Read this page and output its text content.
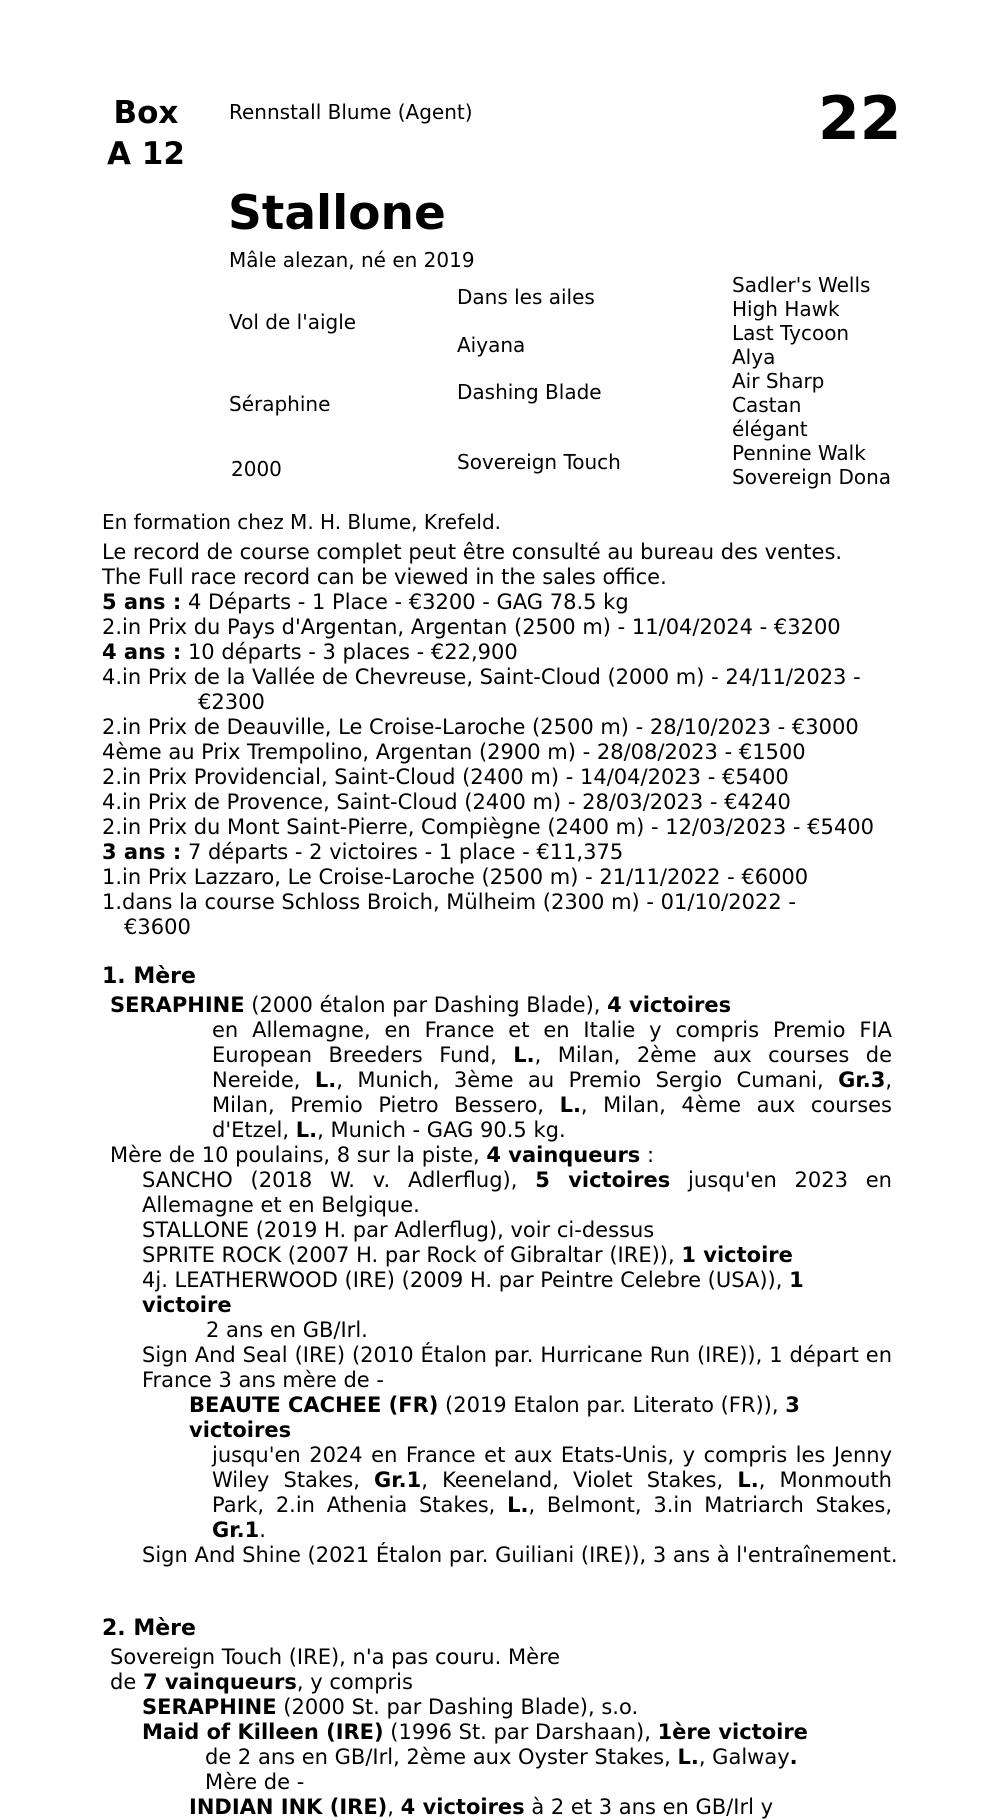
Box
A 12
Rennstall Blume (Agent)	22
Stallone
Mâle alezan, né en 2019
Vol de l'aigle
Séraphine
2000
Dans les ailes
Aiyana
Dashing Blade
Sovereign Touch
Sadler's Wells
High Hawk
Last Tycoon
Alya
Air Sharp
Castan
élégant
Pennine Walk
Sovereign Dona
En formation chez M. H. Blume, Krefeld.
Le record de course complet peut être consulté au bureau des ventes.
The Full race record can be viewed in the sales office.
5 ans : 4 Départs - 1 Place - €3200 - GAG 78.5 kg
2.in Prix du Pays d'Argentan, Argentan (2500 m) - 11/04/2024 - €3200
4 ans : 10 départs - 3 places - €22,900
4.in Prix de la Vallée de Chevreuse, Saint-Cloud (2000 m) - 24/11/2023 -
€2300
2.in Prix de Deauville, Le Croise-Laroche (2500 m) - 28/10/2023 - €3000
4ème au Prix Trempolino, Argentan (2900 m) - 28/08/2023 - €1500
2.in Prix Providencial, Saint-Cloud (2400 m) - 14/04/2023 - €5400
4.in Prix de Provence, Saint-Cloud (2400 m) - 28/03/2023 - €4240
2.in Prix du Mont Saint-Pierre, Compiègne (2400 m) - 12/03/2023 - €5400
3 ans : 7 départs - 2 victoires - 1 place - €11,375
1.in Prix Lazzaro, Le Croise-Laroche (2500 m) - 21/11/2022 - €6000
1.dans la course Schloss Broich, Mülheim (2300 m) - 01/10/2022 -
€3600
1. Mère
SERAPHINE (2000 étalon par Dashing Blade), 4 victoires
en Allemagne, en France et en Italie y compris Premio FIA European Breeders Fund, L., Milan, 2ème aux courses de Nereide, L., Munich, 3ème au Premio Sergio Cumani, Gr.3, Milan, Premio Pietro Bessero, L., Milan, 4ème aux courses d'Etzel, L., Munich - GAG 90.5 kg.
Mère de 10 poulains, 8 sur la piste, 4 vainqueurs :
SANCHO (2018 W. v. Adlerflug), 5 victoires jusqu'en 2023 en Allemagne et en Belgique.
STALLONE (2019 H. par Adlerflug), voir ci-dessus
SPRITE ROCK (2007 H. par Rock of Gibraltar (IRE)), 1 victoire
4j. LEATHERWOOD (IRE) (2009 H. par Peintre Celebre (USA)), 1
victoire
2 ans en GB/Irl.
Sign And Seal (IRE) (2010 Étalon par. Hurricane Run (IRE)), 1 départ en France 3 ans mère de -
BEAUTE CACHEE (FR) (2019 Etalon par. Literato (FR)), 3
victoires
jusqu'en 2024 en France et aux Etats-Unis, y compris les Jenny Wiley Stakes, Gr.1, Keeneland, Violet Stakes, L., Monmouth Park, 2.in Athenia Stakes, L., Belmont, 3.in Matriarch Stakes, Gr.1.
Sign And Shine (2021 Étalon par. Guiliani (IRE)), 3 ans à l'entraînement.
2. Mère
Sovereign Touch (IRE), n'a pas couru. Mère
de 7 vainqueurs, y compris
SERAPHINE (2000 St. par Dashing Blade), s.o.
Maid of Killeen (IRE) (1996 St. par Darshaan), 1ère victoire
de 2 ans en GB/Irl, 2ème aux Oyster Stakes, L., Galway.
Mère de -
INDIAN INK (IRE), 4 victoires à 2 et 3 ans en GB/Irl y
